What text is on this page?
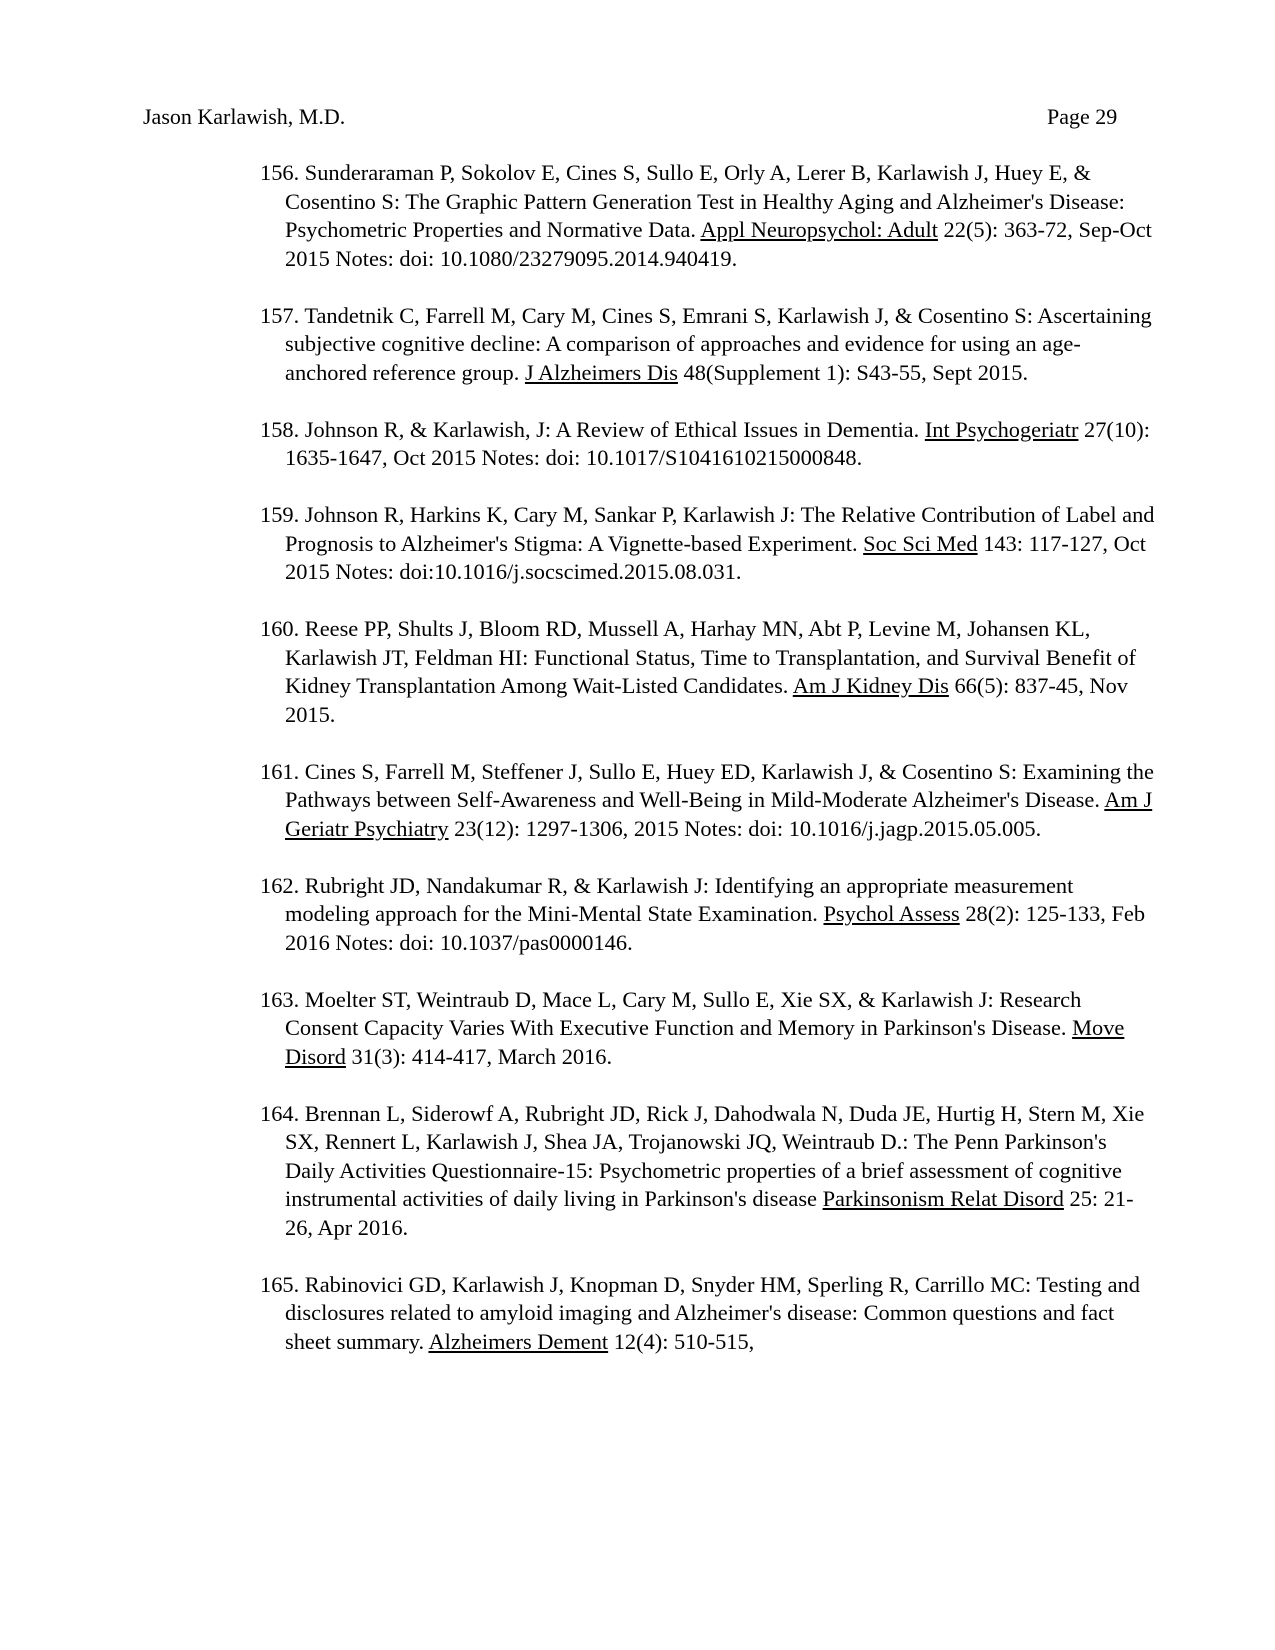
Jason Karlawish, M.D.	Page 29
156. Sunderaraman P, Sokolov E, Cines S, Sullo E, Orly A, Lerer B, Karlawish J, Huey E, & Cosentino S: The Graphic Pattern Generation Test in Healthy Aging and Alzheimer's Disease: Psychometric Properties and Normative Data. Appl Neuropsychol: Adult 22(5): 363-72, Sep-Oct 2015 Notes: doi: 10.1080/23279095.2014.940419.
157. Tandetnik C, Farrell M, Cary M, Cines S, Emrani S, Karlawish J, & Cosentino S: Ascertaining subjective cognitive decline: A comparison of approaches and evidence for using an age-anchored reference group. J Alzheimers Dis 48(Supplement 1): S43-55, Sept 2015.
158. Johnson R, & Karlawish, J: A Review of Ethical Issues in Dementia. Int Psychogeriatr 27(10): 1635-1647, Oct 2015 Notes: doi: 10.1017/S1041610215000848.
159. Johnson R, Harkins K, Cary M, Sankar P, Karlawish J: The Relative Contribution of Label and Prognosis to Alzheimer's Stigma: A Vignette-based Experiment. Soc Sci Med 143: 117-127, Oct 2015 Notes: doi:10.1016/j.socscimed.2015.08.031.
160. Reese PP, Shults J, Bloom RD, Mussell A, Harhay MN, Abt P, Levine M, Johansen KL, Karlawish JT, Feldman HI: Functional Status, Time to Transplantation, and Survival Benefit of Kidney Transplantation Among Wait-Listed Candidates. Am J Kidney Dis 66(5): 837-45, Nov 2015.
161. Cines S, Farrell M, Steffener J, Sullo E, Huey ED, Karlawish J, & Cosentino S: Examining the Pathways between Self-Awareness and Well-Being in Mild-Moderate Alzheimer's Disease. Am J Geriatr Psychiatry 23(12): 1297-1306, 2015 Notes: doi: 10.1016/j.jagp.2015.05.005.
162. Rubright JD, Nandakumar R, & Karlawish J: Identifying an appropriate measurement modeling approach for the Mini-Mental State Examination. Psychol Assess 28(2): 125-133, Feb 2016 Notes: doi: 10.1037/pas0000146.
163. Moelter ST, Weintraub D, Mace L, Cary M, Sullo E, Xie SX, & Karlawish J: Research Consent Capacity Varies With Executive Function and Memory in Parkinson's Disease. Move Disord 31(3): 414-417, March 2016.
164. Brennan L, Siderowf A, Rubright JD, Rick J, Dahodwala N, Duda JE, Hurtig H, Stern M, Xie SX, Rennert L, Karlawish J, Shea JA, Trojanowski JQ, Weintraub D.: The Penn Parkinson's Daily Activities Questionnaire-15: Psychometric properties of a brief assessment of cognitive instrumental activities of daily living in Parkinson's disease Parkinsonism Relat Disord 25: 21-26, Apr 2016.
165. Rabinovici GD, Karlawish J, Knopman D, Snyder HM, Sperling R, Carrillo MC: Testing and disclosures related to amyloid imaging and Alzheimer's disease: Common questions and fact sheet summary. Alzheimers Dement 12(4): 510-515,
